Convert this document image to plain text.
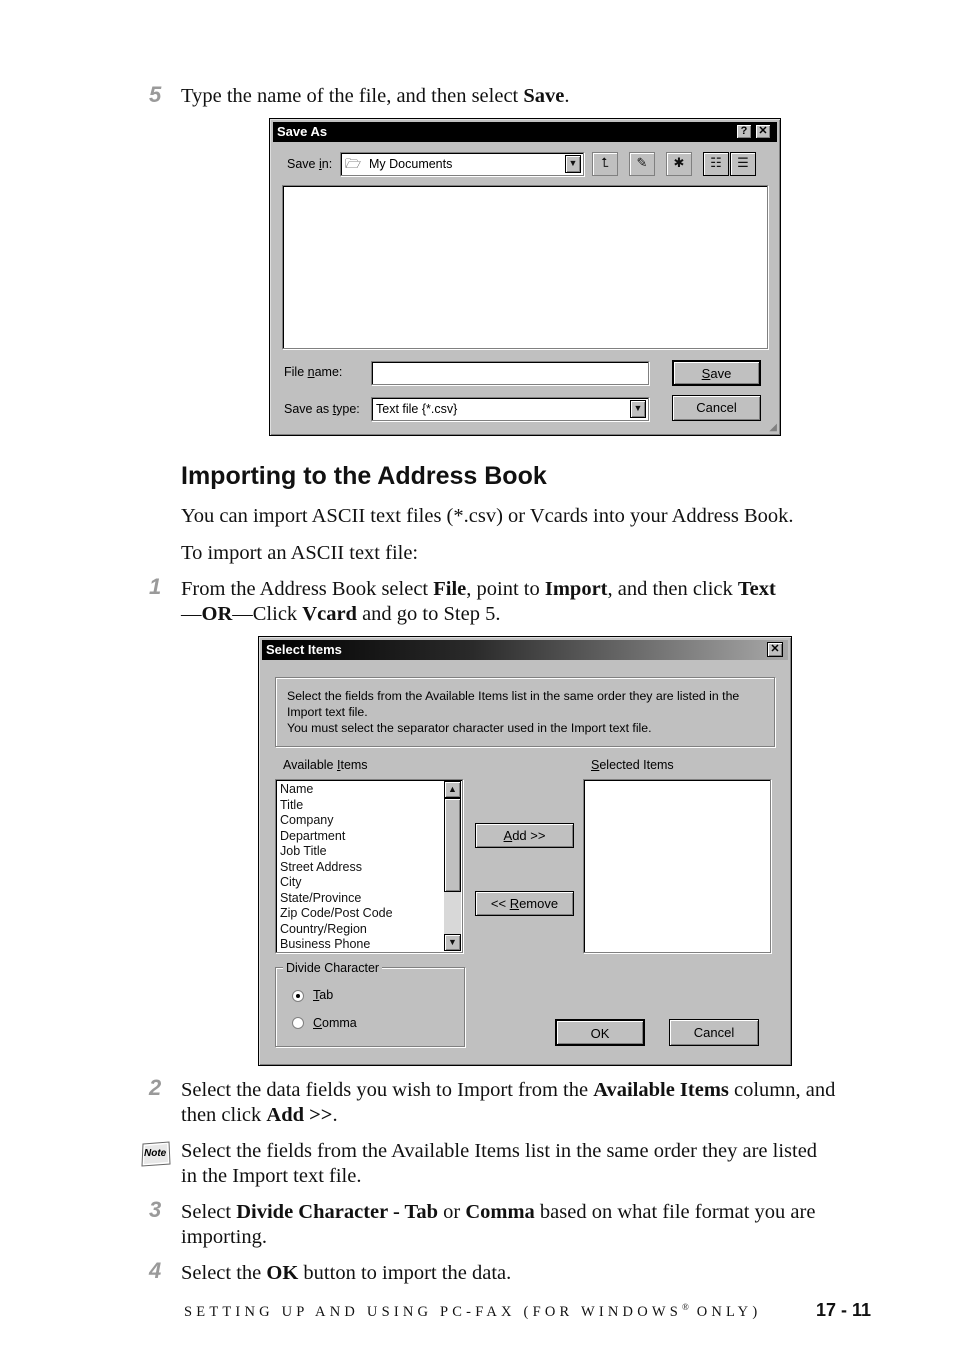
5 Type the name of the file, and then select Save.
Save As	?	✕
Save in: 🗁 My Documents	▼	⮤	✎	✱	☷	☰
File name:	Save
Save as type: Text file {*.csv}	▼	Cancel
◢
Importing to the Address Book
You can import ASCII text files (*.csv) or Vcards into your Address Book.
To import an ASCII text file:
1 From the Address Book select File, point to Import, and then click Text
—OR—Click Vcard and go to Step 5.
Select Items	✕
Select the fields from the Available Items list in the same order they are listed in the
Import text file.
You must select the separator character used in the Import text file.
Available Items	Selected Items
Name
Title
Company
Department
Job Title
Street Address
City
State/Province
Zip Code/Post Code
Country/Region
Business Phone
▲
▼
Add >>
<< Remove
Divide Character
Tab
Comma
OK	Cancel
2 Select the data fields you wish to Import from the Available Items column, and
then click Add >>.
Note Select the fields from the Available Items list in the same order they are listed
in the Import text file.
3 Select Divide Character - Tab or Comma based on what file format you are
importing.
4 Select the OK button to import the data.
SETTING UP AND USING PC-FAX (FOR WINDOWS® ONLY)	17 - 11
